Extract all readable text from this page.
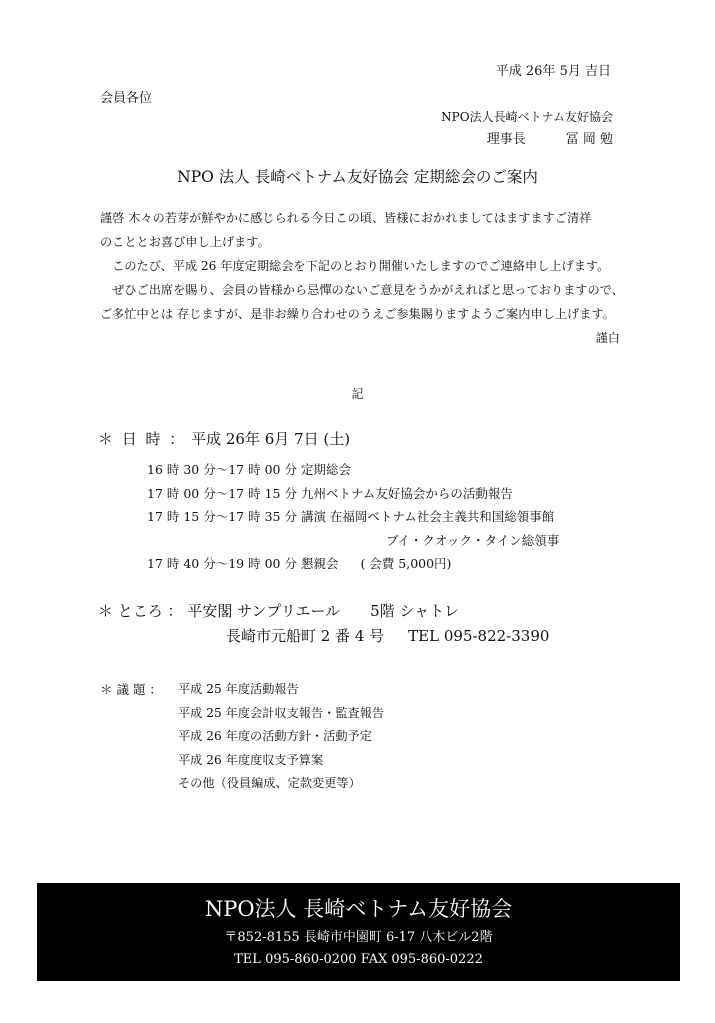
平成 26年 5月 吉日
会員各位
NPO法人長崎ベトナム友好協会
理事長	冨 岡 勉
NPO 法人 長崎ベトナム友好協会 定期総会のご案内

謹啓 木々の若芽が鮮やかに感じられる今日この頃、皆様におかれましてはますますご清祥

のこととお喜び申し上げます。

　このたび、平成 26 年度定期総会を下記のとおり開催いたしますのでご連絡申し上げます。

　ぜひご出席を賜り、会員の皆様から忌憚のないご意見をうかがえればと思っておりますので、

ご多忙中とは 存じますが、是非お繰り合わせのうえご参集賜りますようご案内申し上げます。

謹白

記
＊ 日 時 ： 平成 26年 6月 7日 (土)
16 時 30 分～17 時 00 分 定期総会
17 時 00 分～17 時 15 分 九州ベトナム友好協会からの活動報告
17 時 15 分～17 時 35 分 講演 在福岡ベトナム社会主義共和国総領事館
ブイ・クオック・タイン総領事
17 時 40 分～19 時 00 分 懇親会 ( 会費 5,000円)
＊ ところ ： 平安閣 サンプリエール　　5階 シャトレ
長崎市元船町 2 番 4 号 TEL 095-822-3390
＊ 議 題 ： 平成 25 年度活動報告
平成 25 年度会計収支報告・監査報告
平成 26 年度の活動方針・活動予定
平成 26 年度度収支予算案
その他（役員編成、定款変更等）
NPO法人 長崎ベトナム友好協会
〒852-8155 長崎市中園町 6-17 八木ビル2階
TEL 095-860-0200 FAX 095-860-0222
